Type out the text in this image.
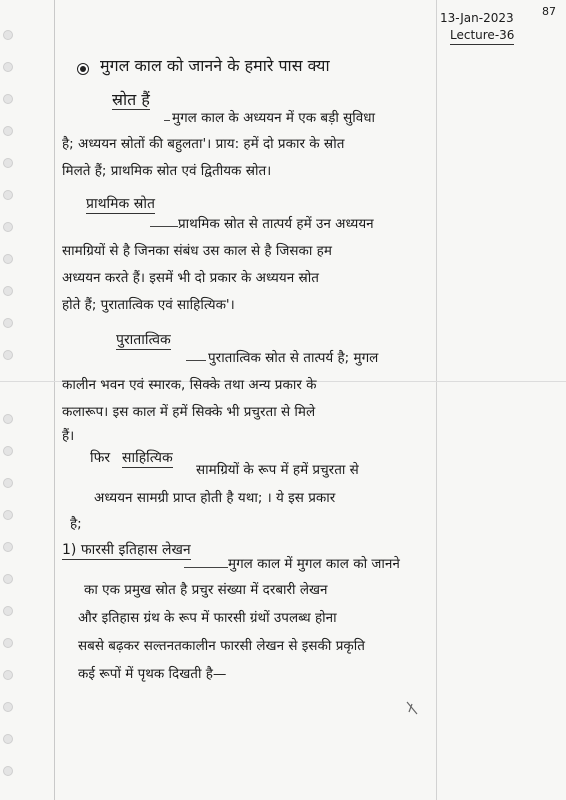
13-Jan-2023
Lecture-36
87
मुगल काल को जानने के हमारे पास क्या
स्रोत हैं
मुगल काल के अध्ययन में एक बड़ी सुविधा
है; अध्ययन स्रोतों की बहुलता'। प्राय: हमें दो प्रकार के स्रोत
मिलते हैं; प्राथमिक स्रोत एवं द्वितीयक स्रोत।
प्राथमिक स्रोत
प्राथमिक स्रोत से तात्पर्य हमें उन अध्ययन
सामग्रियों से है जिनका संबंध उस काल से है जिसका हम
अध्ययन करते हैं। इसमें भी दो प्रकार के अध्ययन स्रोत
होते हैं; पुरातात्विक एवं साहित्यिक'।
पुरातात्विक
पुरातात्विक स्रोत से तात्पर्य है; मुगल
कालीन भवन एवं स्मारक, सिक्के तथा अन्य प्रकार के
कलारूप। इस काल में हमें सिक्के भी प्रचुरता से मिले
हैं।
फिर साहित्यिक
सामग्रियों के रूप में हमें प्रचुरता से
अध्ययन सामग्री प्राप्त होती है यथा; । ये इस प्रकार
है;
1) फारसी इतिहास लेखन
मुगल काल में मुगल काल को जानने
का एक प्रमुख स्रोत है प्रचुर संख्या में दरबारी लेखन
और इतिहास ग्रंथ के रूप में फारसी ग्रंथों उपलब्ध होना
सबसे बढ़कर सल्तनतकालीन फारसी लेखन से इसकी प्रकृति
कई रूपों में पृथक दिखती है—
